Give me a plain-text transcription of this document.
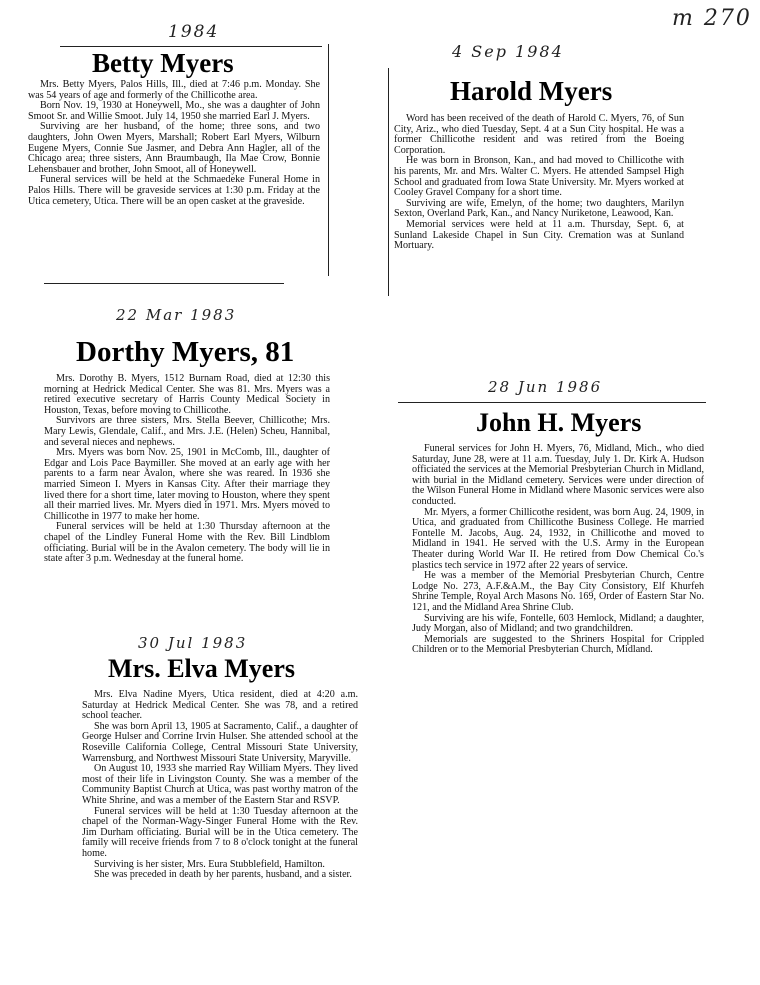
m 270
1984
Betty Myers

Mrs. Betty Myers, Palos Hills, Ill., died at 7:46 p.m. Monday. She was 54 years of age and formerly of the Chillicothe area.

Born Nov. 19, 1930 at Honeywell, Mo., she was a daughter of John Smoot Sr. and Willie Smoot. July 14, 1950 she married Earl J. Myers.

Surviving are her husband, of the home; three sons, and two daughters, John Owen Myers, Marshall; Robert Earl Myers, Wilburn Eugene Myers, Connie Sue Jasmer, and Debra Ann Hagler, all of the Chicago area; three sisters, Ann Braumbaugh, Ila Mae Crow, Bonnie Lehensbauer and brother, John Smoot, all of Honeywell.

Funeral services will be held at the Schmaedeke Funeral Home in Palos Hills. There will be graveside services at 1:30 p.m. Friday at the Utica cemetery, Utica. There will be an open casket at the graveside.

22 Mar 1983
Dorthy Myers, 81

Mrs. Dorothy B. Myers, 1512 Burnam Road, died at 12:30 this morning at Hedrick Medical Center. She was 81. Mrs. Myers was a retired executive secretary of Harris County Medical Society in Houston, Texas, before moving to Chillicothe.

Survivors are three sisters, Mrs. Stella Beever, Chillicothe; Mrs. Mary Lewis, Glendale, Calif., and Mrs. J.E. (Helen) Scheu, Hannibal, and several nieces and nephews.

Mrs. Myers was born Nov. 25, 1901 in McComb, Ill., daughter of Edgar and Lois Pace Baymiller. She moved at an early age with her parents to a farm near Avalon, where she was reared. In 1936 she married Simeon I. Myers in Kansas City. After their marriage they lived there for a short time, later moving to Houston, where they spent all their married lives. Mr. Myers died in 1971. Mrs. Myers moved to Chillicothe in 1977 to make her home.

Funeral services will be held at 1:30 Thursday afternoon at the chapel of the Lindley Funeral Home with the Rev. Bill Lindblom officiating. Burial will be in the Avalon cemetery. The body will lie in state after 3 p.m. Wednesday at the funeral home.

30 Jul 1983
Mrs. Elva Myers

Mrs. Elva Nadine Myers, Utica resident, died at 4:20 a.m. Saturday at Hedrick Medical Center. She was 78, and a retired school teacher.

She was born April 13, 1905 at Sacramento, Calif., a daughter of George Hulser and Corrine Irvin Hulser. She attended school at the Roseville California College, Central Missouri State University, Warrensburg, and Northwest Missouri State University, Maryville.

On August 10, 1933 she married Ray William Myers. They lived most of their life in Livingston County. She was a member of the Community Baptist Church at Utica, was past worthy matron of the White Shrine, and was a member of the Eastern Star and RSVP.

Funeral services will be held at 1:30 Tuesday afternoon at the chapel of the Norman-Wagy-Singer Funeral Home with the Rev. Jim Durham officiating. Burial will be in the Utica cemetery. The family will receive friends from 7 to 8 o'clock tonight at the funeral home.

Surviving is her sister, Mrs. Eura Stubblefield, Hamilton.

She was preceded in death by her parents, husband, and a sister.

4 Sep 1984
Harold Myers

Word has been received of the death of Harold C. Myers, 76, of Sun City, Ariz., who died Tuesday, Sept. 4 at a Sun City hospital. He was a former Chillicothe resident and was retired from the Boeing Corporation.

He was born in Bronson, Kan., and had moved to Chillicothe with his parents, Mr. and Mrs. Walter C. Myers. He attended Sampsel High School and graduated from Iowa State University. Mr. Myers worked at Cooley Gravel Company for a short time.

Surviving are wife, Emelyn, of the home; two daughters, Marilyn Sexton, Overland Park, Kan., and Nancy Nuriketone, Leawood, Kan.

Memorial services were held at 11 a.m. Thursday, Sept. 6, at Sunland Lakeside Chapel in Sun City. Cremation was at Sunland Mortuary.

28 Jun 1986
John H. Myers

Funeral services for John H. Myers, 76, Midland, Mich., who died Saturday, June 28, were at 11 a.m. Tuesday, July 1. Dr. Kirk A. Hudson officiated the services at the Memorial Presbyterian Church in Midland, with burial in the Midland cemetery. Services were under direction of the Wilson Funeral Home in Midland where Masonic services were also conducted.

Mr. Myers, a former Chillicothe resident, was born Aug. 24, 1909, in Utica, and graduated from Chillicothe Business College. He married Fontelle M. Jacobs, Aug. 24, 1932, in Chillicothe and moved to Midland in 1941. He served with the U.S. Army in the European Theater during World War II. He retired from Dow Chemical Co.'s plastics tech service in 1972 after 22 years of service.

He was a member of the Memorial Presbyterian Church, Centre Lodge No. 273, A.F.&A.M., the Bay City Consistory, Elf Khurfeh Shrine Temple, Royal Arch Masons No. 169, Order of Eastern Star No. 121, and the Midland Area Shrine Club.

Surviving are his wife, Fontelle, 603 Hemlock, Midland; a daughter, Judy Morgan, also of Midland; and two grandchildren.

Memorials are suggested to the Shriners Hospital for Crippled Children or to the Memorial Presbyterian Church, Midland.
